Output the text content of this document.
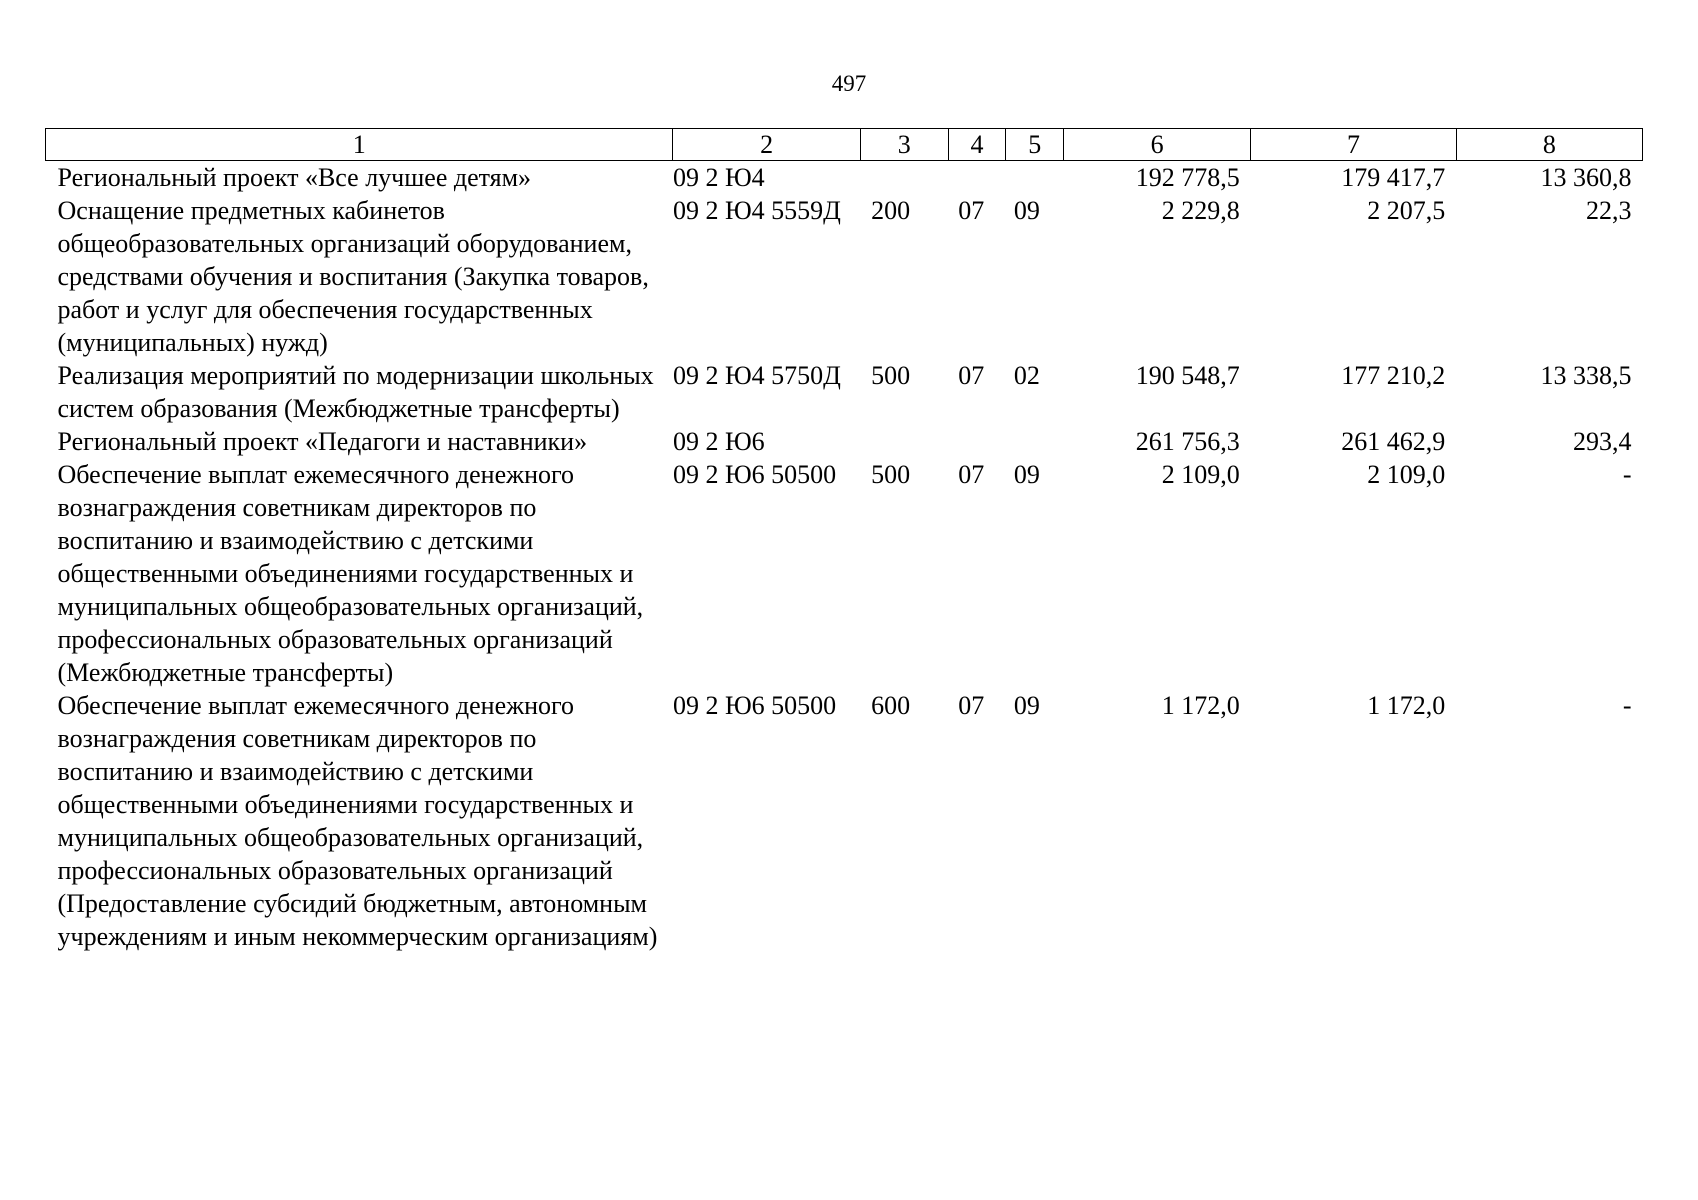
497
1	2	3	4	5	6	7	8
Региональный проект «Все лучшее детям»	09 2 Ю4				192 778,5	179 417,7	13 360,8
Оснащение предметных кабинетов общеобразовательных организаций оборудованием, средствами обучения и воспитания (Закупка товаров, работ и услуг для обеспечения государственных (муниципальных) нужд)	09 2 Ю4 5559Д	200	07	09	2 229,8	2 207,5	22,3
Реализация мероприятий по модернизации школьных систем образования (Межбюджетные трансферты)	09 2 Ю4 5750Д	500	07	02	190 548,7	177 210,2	13 338,5
Региональный проект «Педагоги и наставники»	09 2 Ю6				261 756,3	261 462,9	293,4
Обеспечение выплат ежемесячного денежного вознаграждения советникам директоров по воспитанию и взаимодействию с детскими общественными объединениями государственных и муниципальных общеобразовательных организаций, профессиональных образовательных организаций (Межбюджетные трансферты)	09 2 Ю6 50500	500	07	09	2 109,0	2 109,0	-
Обеспечение выплат ежемесячного денежного вознаграждения советникам директоров по воспитанию и взаимодействию с детскими общественными объединениями государственных и муниципальных общеобразовательных организаций, профессиональных образовательных организаций (Предоставление субсидий бюджетным, автономным учреждениям и иным некоммерческим организациям)	09 2 Ю6 50500	600	07	09	1 172,0	1 172,0	-
